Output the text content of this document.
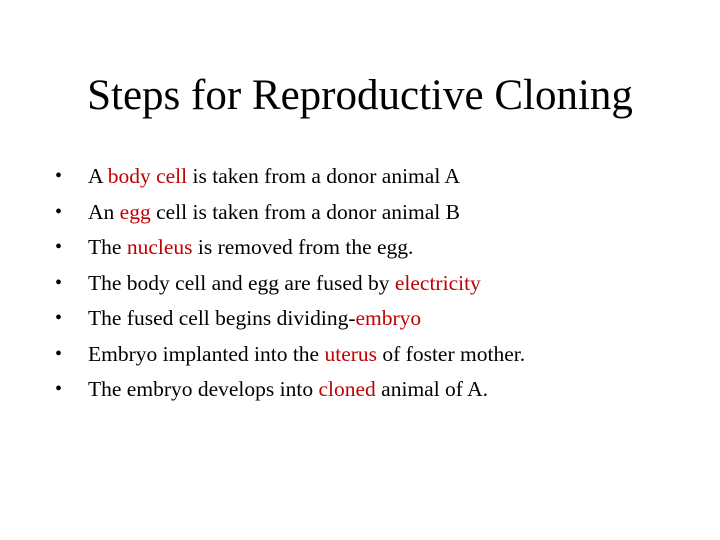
Steps for Reproductive Cloning
• A body cell is taken from a donor animal A
• An egg cell is taken from a donor animal B
• The nucleus is removed from the egg.
• The body cell and egg are fused by electricity
• The fused cell begins dividing-embryo
• Embryo implanted into the uterus of foster mother.
• The embryo develops into cloned animal of A.
